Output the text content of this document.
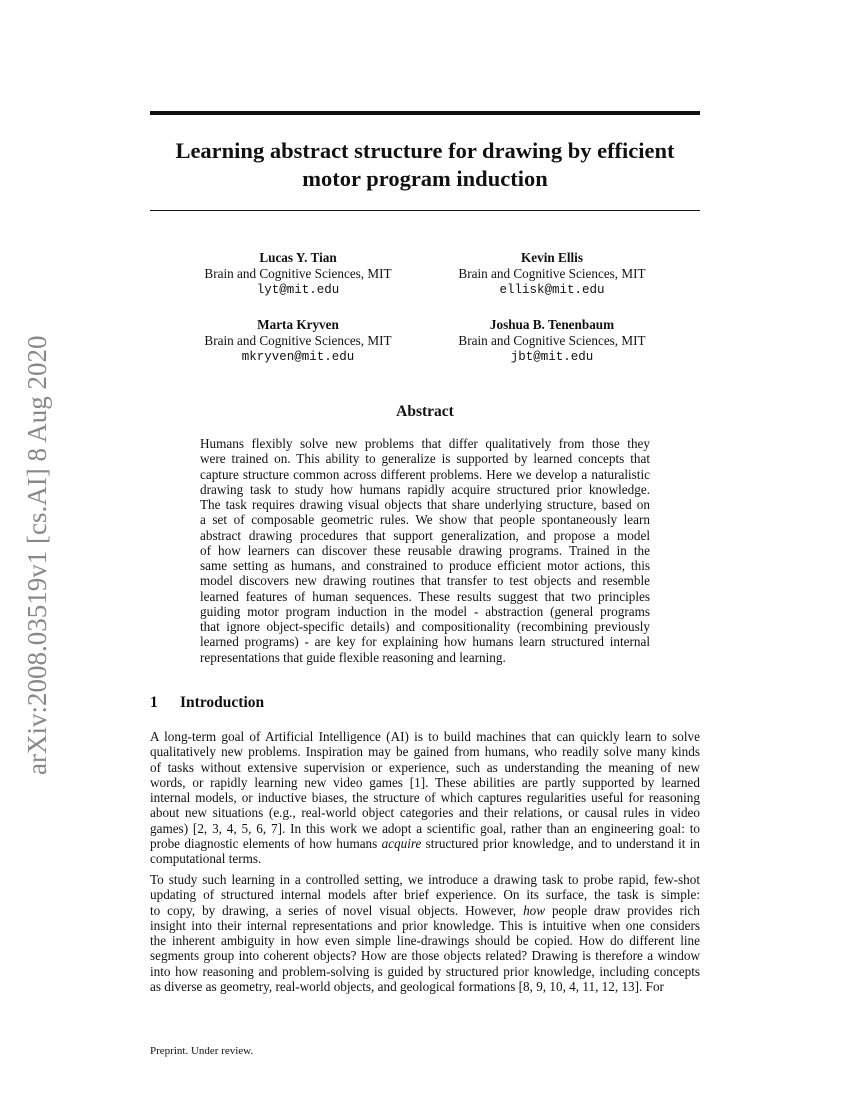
arXiv:2008.03519v1 [cs.AI] 8 Aug 2020
Learning abstract structure for drawing by efficient
motor program induction
Lucas Y. Tian
Brain and Cognitive Sciences, MIT
lyt@mit.edu
Kevin Ellis
Brain and Cognitive Sciences, MIT
ellisk@mit.edu
Marta Kryven
Brain and Cognitive Sciences, MIT
mkryven@mit.edu
Joshua B. Tenenbaum
Brain and Cognitive Sciences, MIT
jbt@mit.edu
Abstract
Humans flexibly solve new problems that differ qualitatively from those they
were trained on. This ability to generalize is supported by learned concepts that
capture structure common across different problems. Here we develop a naturalistic
drawing task to study how humans rapidly acquire structured prior knowledge.
The task requires drawing visual objects that share underlying structure, based on
a set of composable geometric rules. We show that people spontaneously learn
abstract drawing procedures that support generalization, and propose a model
of how learners can discover these reusable drawing programs. Trained in the
same setting as humans, and constrained to produce efficient motor actions, this
model discovers new drawing routines that transfer to test objects and resemble
learned features of human sequences. These results suggest that two principles
guiding motor program induction in the model - abstraction (general programs
that ignore object-specific details) and compositionality (recombining previously
learned programs) - are key for explaining how humans learn structured internal
representations that guide flexible reasoning and learning.
1 Introduction
A long-term goal of Artificial Intelligence (AI) is to build machines that can quickly learn to solve
qualitatively new problems. Inspiration may be gained from humans, who readily solve many kinds
of tasks without extensive supervision or experience, such as understanding the meaning of new
words, or rapidly learning new video games [1]. These abilities are partly supported by learned
internal models, or inductive biases, the structure of which captures regularities useful for reasoning
about new situations (e.g., real-world object categories and their relations, or causal rules in video
games) [2, 3, 4, 5, 6, 7]. In this work we adopt a scientific goal, rather than an engineering goal: to
probe diagnostic elements of how humans acquire structured prior knowledge, and to understand it in
computational terms.
To study such learning in a controlled setting, we introduce a drawing task to probe rapid, few-shot
updating of structured internal models after brief experience. On its surface, the task is simple:
to copy, by drawing, a series of novel visual objects. However, how people draw provides rich
insight into their internal representations and prior knowledge. This is intuitive when one considers
the inherent ambiguity in how even simple line-drawings should be copied. How do different line
segments group into coherent objects? How are those objects related? Drawing is therefore a window
into how reasoning and problem-solving is guided by structured prior knowledge, including concepts
as diverse as geometry, real-world objects, and geological formations [8, 9, 10, 4, 11, 12, 13]. For
Preprint. Under review.
